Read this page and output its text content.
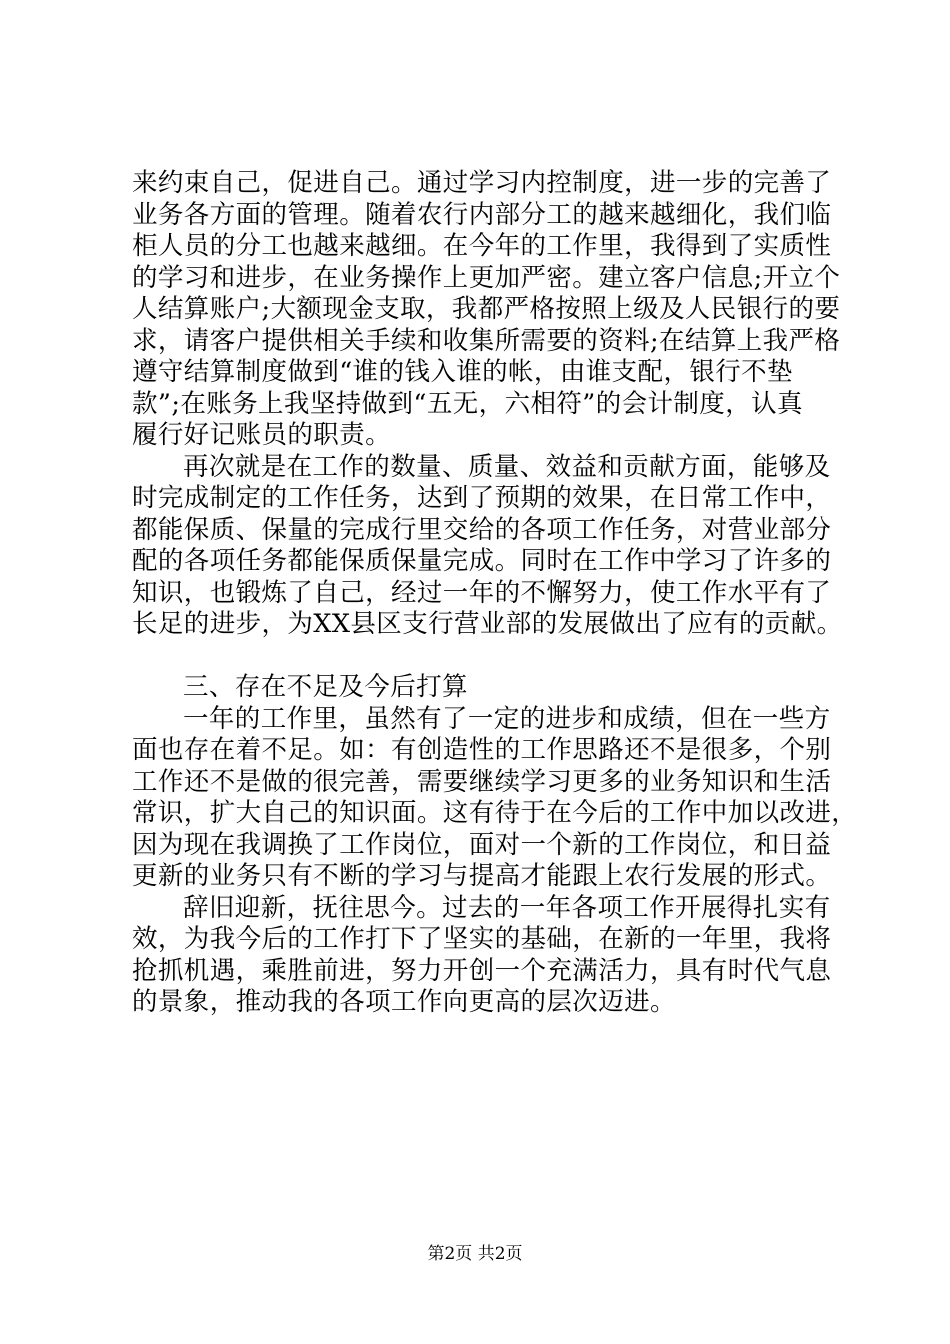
来约束自己，促进自己。通过学习内控制度，进一步的完善了
业务各方面的管理。随着农行内部分工的越来越细化，我们临
柜人员的分工也越来越细。在今年的工作里，我得到了实质性
的学习和进步，在业务操作上更加严密。建立客户信息;开立个
人结算账户;大额现金支取，我都严格按照上级及人民银行的要
求，请客户提供相关手续和收集所需要的资料;在结算上我严格
遵守结算制度做到“谁的钱入谁的帐，由谁支配，银行不垫
款”;在账务上我坚持做到“五无，六相符”的会计制度，认真
履行好记账员的职责。
再次就是在工作的数量、质量、效益和贡献方面，能够及
时完成制定的工作任务，达到了预期的效果，在日常工作中，
都能保质、保量的完成行里交给的各项工作任务，对营业部分
配的各项任务都能保质保量完成。同时在工作中学习了许多的
知识，也锻炼了自己，经过一年的不懈努力，使工作水平有了
长足的进步，为XX县区支行营业部的发展做出了应有的贡献。
三、存在不足及今后打算
一年的工作里，虽然有了一定的进步和成绩，但在一些方
面也存在着不足。如：有创造性的工作思路还不是很多，个别
工作还不是做的很完善，需要继续学习更多的业务知识和生活
常识，扩大自己的知识面。这有待于在今后的工作中加以改进，
因为现在我调换了工作岗位，面对一个新的工作岗位，和日益
更新的业务只有不断的学习与提高才能跟上农行发展的形式。
辞旧迎新，抚往思今。过去的一年各项工作开展得扎实有
效，为我今后的工作打下了坚实的基础，在新的一年里，我将
抢抓机遇，乘胜前进，努力开创一个充满活力，具有时代气息
的景象，推动我的各项工作向更高的层次迈进。
第2页 共2页
